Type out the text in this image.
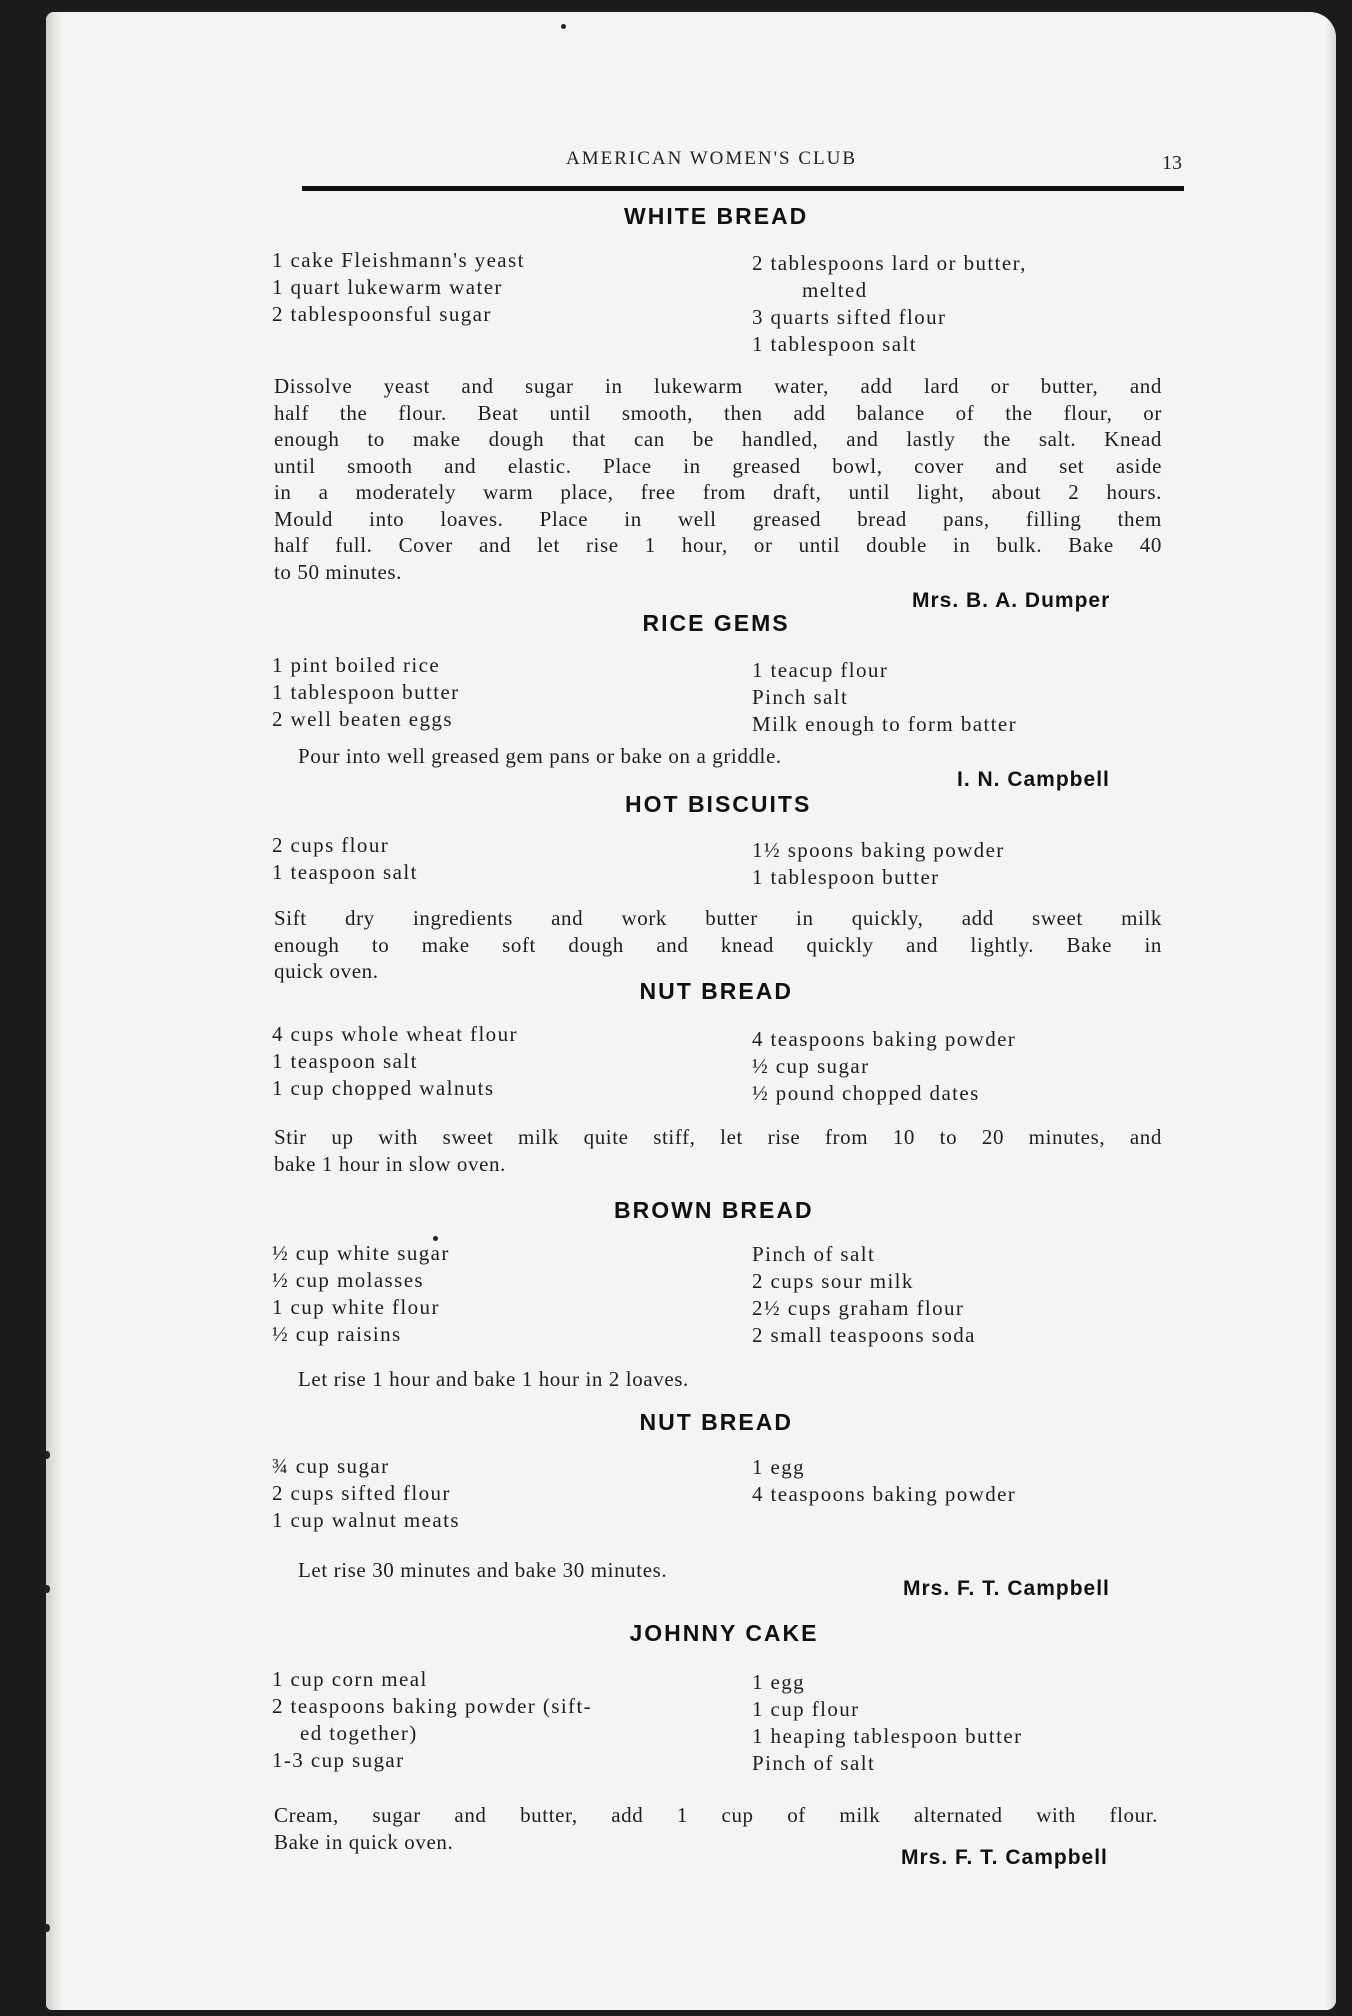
AMERICAN WOMEN'S CLUB	13
WHITE BREAD
1 cake Fleishmann's yeast
1 quart lukewarm water
2 tablespoonsful sugar
2 tablespoons lard or butter,
melted
3 quarts sifted flour
1 tablespoon salt
Dissolve yeast and sugar in lukewarm water, add lard or butter, and
half the flour. Beat until smooth, then add balance of the flour, or
enough to make dough that can be handled, and lastly the salt. Knead
until smooth and elastic. Place in greased bowl, cover and set aside
in a moderately warm place, free from draft, until light, about 2 hours.
Mould into loaves. Place in well greased bread pans, filling them
half full. Cover and let rise 1 hour, or until double in bulk. Bake 40
to 50 minutes.
Mrs. B. A. Dumper
RICE GEMS
1 pint boiled rice
1 tablespoon butter
2 well beaten eggs
1 teacup flour
Pinch salt
Milk enough to form batter
Pour into well greased gem pans or bake on a griddle.
I. N. Campbell
HOT BISCUITS
2 cups flour
1 teaspoon salt
1½ spoons baking powder
1 tablespoon butter
Sift dry ingredients and work butter in quickly, add sweet milk
enough to make soft dough and knead quickly and lightly. Bake in
quick oven.
NUT BREAD
4 cups whole wheat flour
1 teaspoon salt
1 cup chopped walnuts
4 teaspoons baking powder
½ cup sugar
½ pound chopped dates
Stir up with sweet milk quite stiff, let rise from 10 to 20 minutes, and
bake 1 hour in slow oven.
BROWN BREAD
½ cup white sugar
½ cup molasses
1 cup white flour
½ cup raisins
Pinch of salt
2 cups sour milk
2½ cups graham flour
2 small teaspoons soda
Let rise 1 hour and bake 1 hour in 2 loaves.
NUT BREAD
¾ cup sugar
2 cups sifted flour
1 cup walnut meats
1 egg
4 teaspoons baking powder
Let rise 30 minutes and bake 30 minutes.
Mrs. F. T. Campbell
JOHNNY CAKE
1 cup corn meal
2 teaspoons baking powder (sift-
ed together)
1-3 cup sugar
1 egg
1 cup flour
1 heaping tablespoon butter
Pinch of salt
Cream, sugar and butter, add 1 cup of milk alternated with flour.
Bake in quick oven.
Mrs. F. T. Campbell
